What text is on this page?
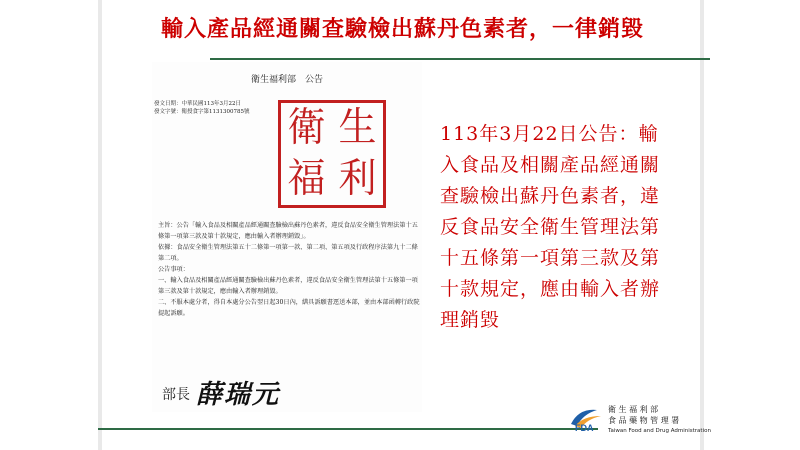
輸入產品經通關查驗檢出蘇丹色素者，一律銷毀
衛生福利部　公告
發文日期：中華民國113年3月22日
發文字號：衛授食字第1131300785號 衛 生
福 利

主旨：公告「輸入食品及相關產品經通關查驗檢出蘇丹色素者，違反食品安全衛生管理法第十五條第一項第三款及第十款規定，應由輸入者辦理銷毀」。

依據：食品安全衛生管理法第五十二條第一項第一款、第二項、第五項及行政程序法第九十二條第二項。

公告事項：

一、輸入食品及相關產品經通關查驗檢出蘇丹色素者，違反食品安全衛生管理法第十五條第一項第三款及第十款規定，應由輸入者辦理銷毀。

二、不服本處分者，得自本處分公告翌日起30日內，繕具訴願書逕送本部，並由本部函轉行政院提起訴願。

部長 薛瑞元
113年3月22日公告：輸入食品及相關產品經通關查驗檢出蘇丹色素者，違反食品安全衛生管理法第十五條第一項第三款及第十款規定，應由輸入者辦理銷毀
FDA
衛 生 福 利 部
食 品 藥 物 管 理 署
Taiwan Food and Drug Administration
